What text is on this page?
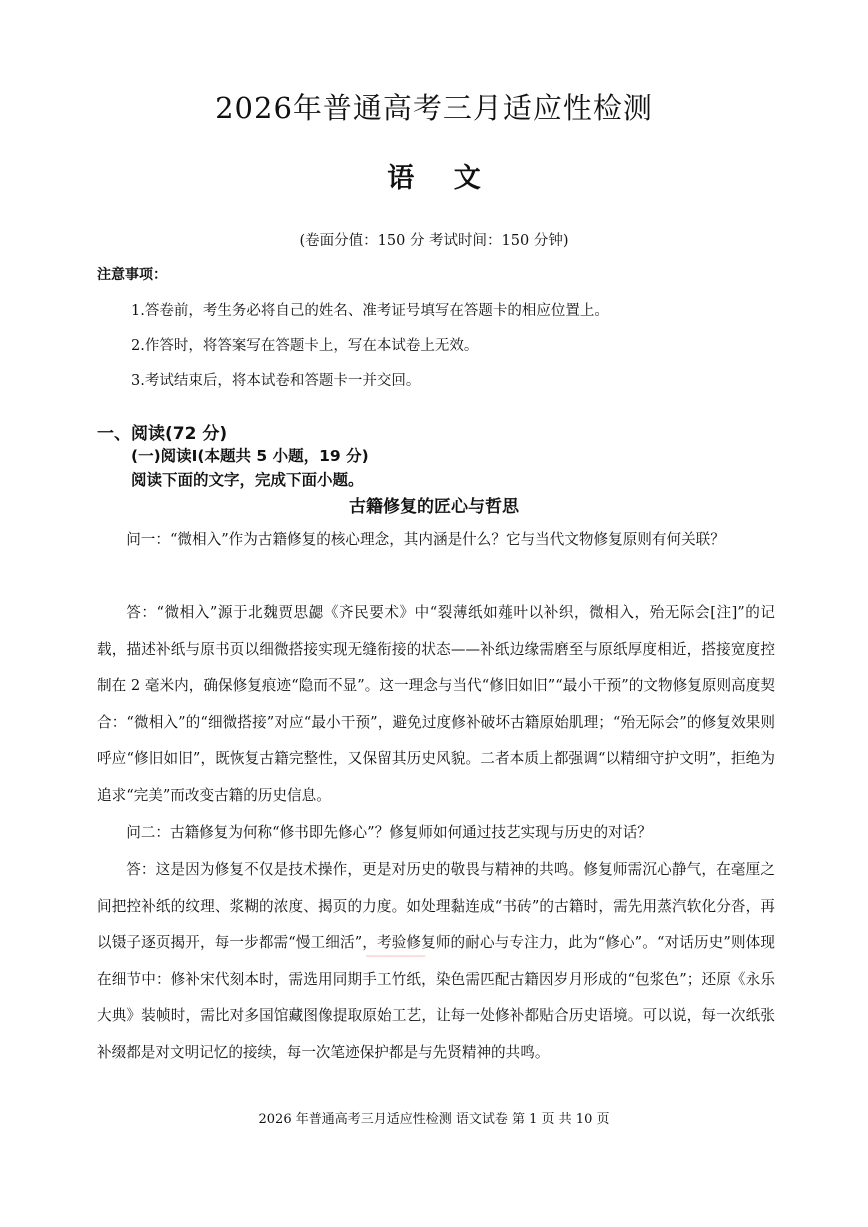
2026年普通高考三月适应性检测
语 文
(卷面分值：150 分 考试时间：150 分钟)
注意事项：
1.答卷前，考生务必将自己的姓名、准考证号填写在答题卡的相应位置上。
2.作答时，将答案写在答题卡上，写在本试卷上无效。
3.考试结束后，将本试卷和答题卡一并交回。
一、阅读(72 分)
(一)阅读Ⅰ(本题共 5 小题，19 分)
阅读下面的文字，完成下面小题。
古籍修复的匠心与哲思

问一：“微相入”作为古籍修复的核心理念，其内涵是什么？它与当代文物修复原则有何关联？

答：“微相入”源于北魏贾思勰《齐民要术》中“裂薄纸如薤叶以补织，微相入，殆无际会[注]”的记载，描述补纸与原书页以细微搭接实现无缝衔接的状态——补纸边缘需磨至与原纸厚度相近，搭接宽度控制在 2 毫米内，确保修复痕迹“隐而不显”。这一理念与当代“修旧如旧”“最小干预”的文物修复原则高度契合：“微相入”的“细微搭接”对应“最小干预”，避免过度修补破坏古籍原始肌理；“殆无际会”的修复效果则呼应“修旧如旧”，既恢复古籍完整性，又保留其历史风貌。二者本质上都强调“以精细守护文明”，拒绝为追求“完美”而改变古籍的历史信息。

问二：古籍修复为何称“修书即先修心”？修复师如何通过技艺实现与历史的对话？

答：这是因为修复不仅是技术操作，更是对历史的敬畏与精神的共鸣。修复师需沉心静气，在毫厘之间把控补纸的纹理、浆糊的浓度、揭页的力度。如处理黏连成“书砖”的古籍时，需先用蒸汽软化分沓，再以镊子逐页揭开，每一步都需“慢工细活”，考验修复师的耐心与专注力，此为“修心”。“对话历史”则体现在细节中：修补宋代刻本时，需选用同期手工竹纸，染色需匹配古籍因岁月形成的“包浆色”；还原《永乐大典》装帧时，需比对多国馆藏图像提取原始工艺，让每一处修补都贴合历史语境。可以说，每一次纸张补缀都是对文明记忆的接续，每一次笔迹保护都是与先贤精神的共鸣。

▁▁▁▁▁▁▁▁▁▁▁
2026 年普通高考三月适应性检测 语文试卷 第 1 页 共 10 页
